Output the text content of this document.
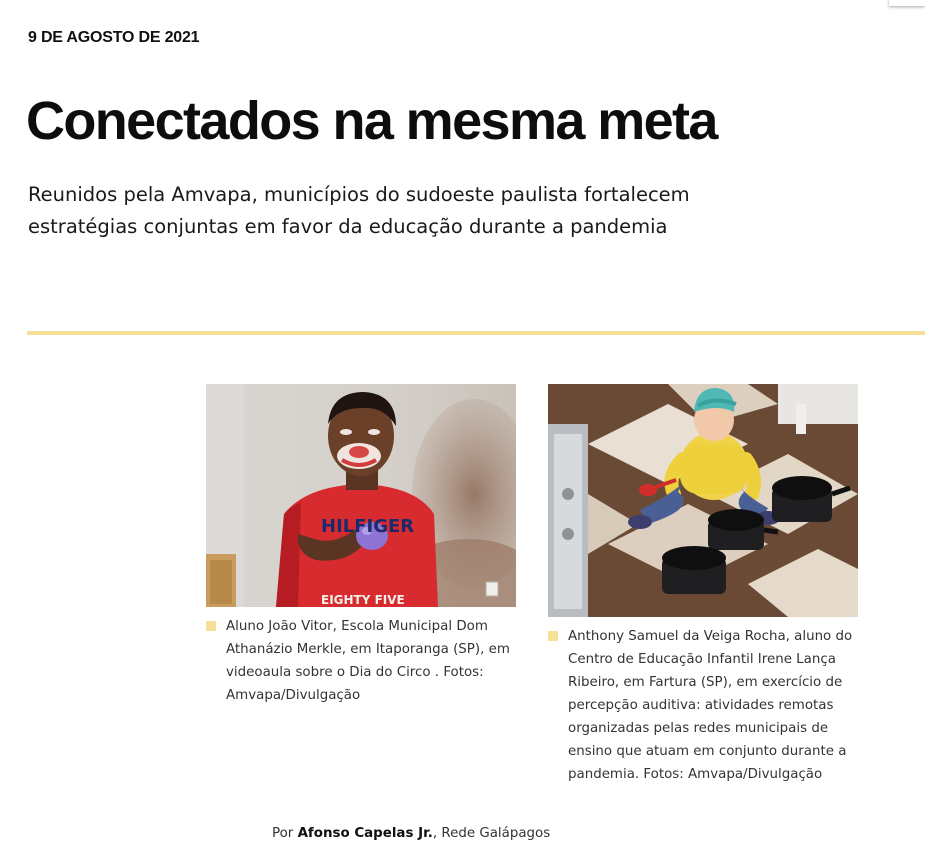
9 DE AGOSTO DE 2021
Conectados na mesma meta

Reunidos pela Amvapa, municípios do sudoeste paulista fortalecem estratégias conjuntas em favor da educação durante a pandemia

HILFIGER
EIGHTY FIVE
Aluno João Vitor, Escola Municipal Dom Athanázio Merkle, em Itaporanga (SP), em videoaula sobre o Dia do Circo . Fotos: Amvapa/Divulgação
Anthony Samuel da Veiga Rocha, aluno do Centro de Educação Infantil Irene Lança Ribeiro, em Fartura (SP), em exercício de percepção auditiva: atividades remotas organizadas pelas redes municipais de ensino que atuam em conjunto durante a pandemia. Fotos: Amvapa/Divulgação
Por Afonso Capelas Jr., Rede Galápagos
